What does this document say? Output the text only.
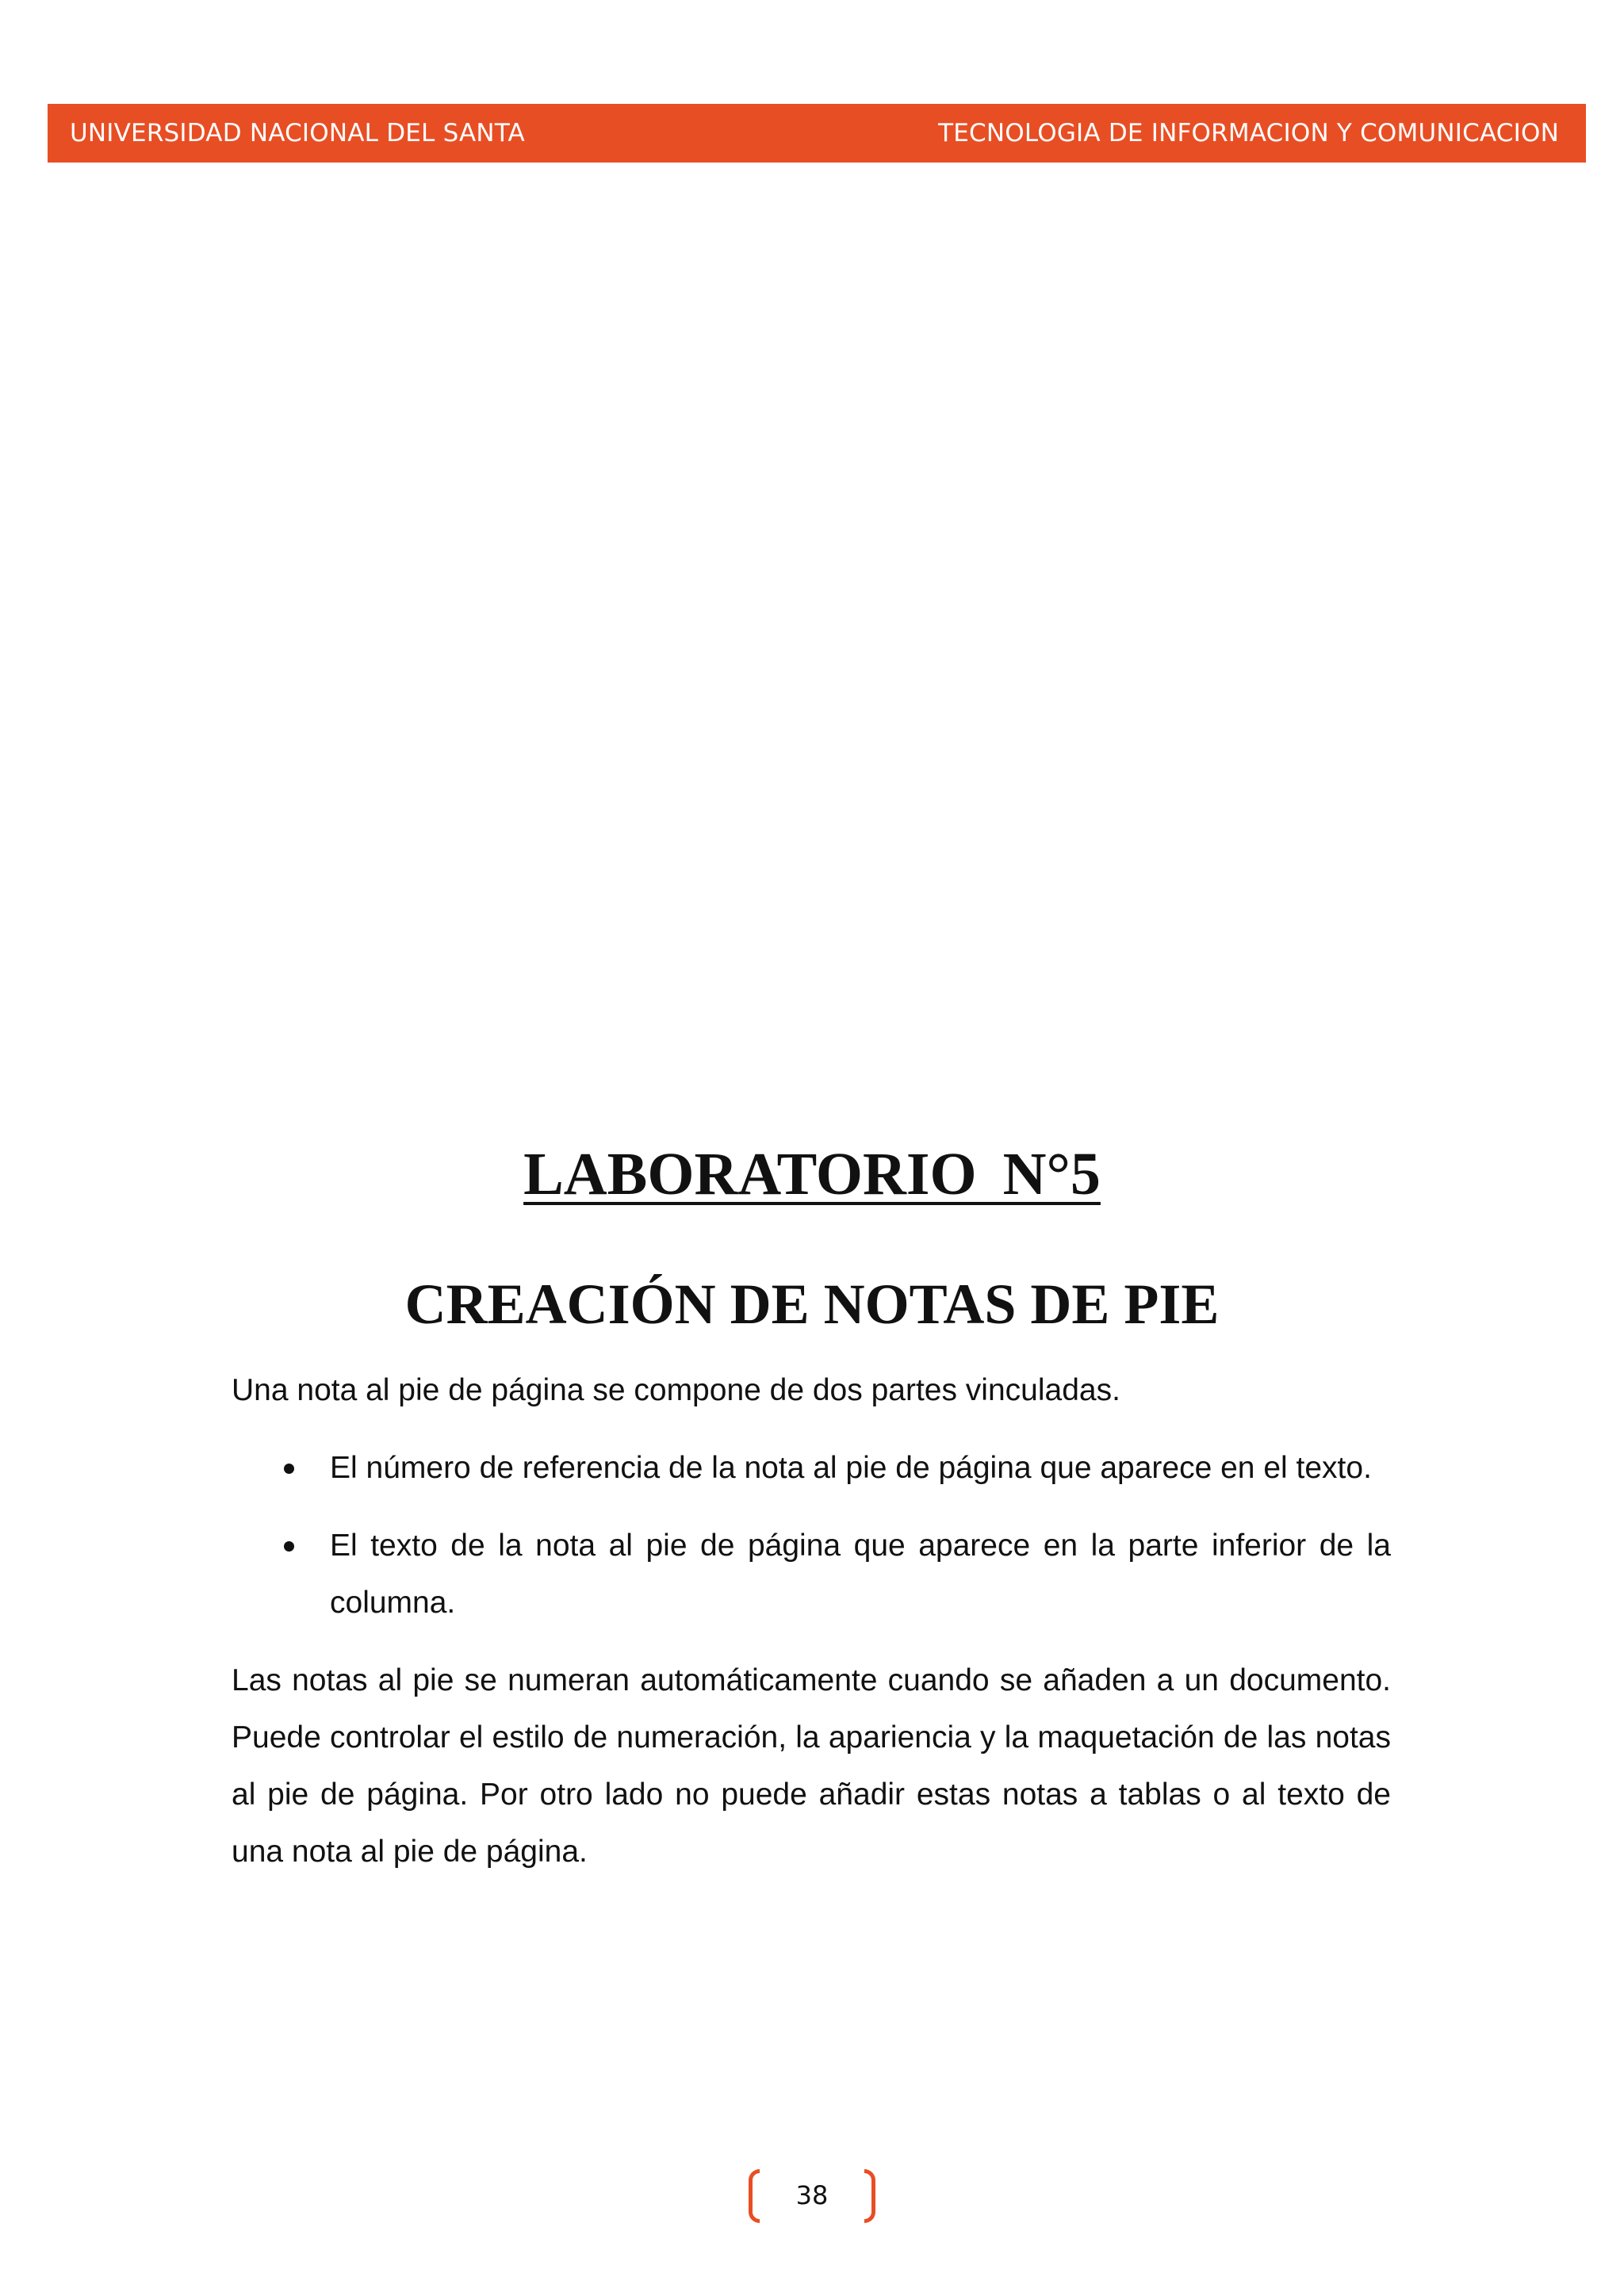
UNIVERSIDAD NACIONAL DEL SANTA	TECNOLOGIA DE INFORMACION Y COMUNICACION
LABORATORIO N°5
CREACIÓN DE NOTAS DE PIE

Una nota al pie de página se compone de dos partes vinculadas.

El número de referencia de la nota al pie de página que aparece en el texto.
El texto de la nota al pie de página que aparece en la parte inferior de la columna.

Las notas al pie se numeran automáticamente cuando se añaden a un documento. Puede controlar el estilo de numeración, la apariencia y la maquetación de las notas al pie de página. Por otro lado no puede añadir estas notas a tablas o al texto de una nota al pie de página.

38
